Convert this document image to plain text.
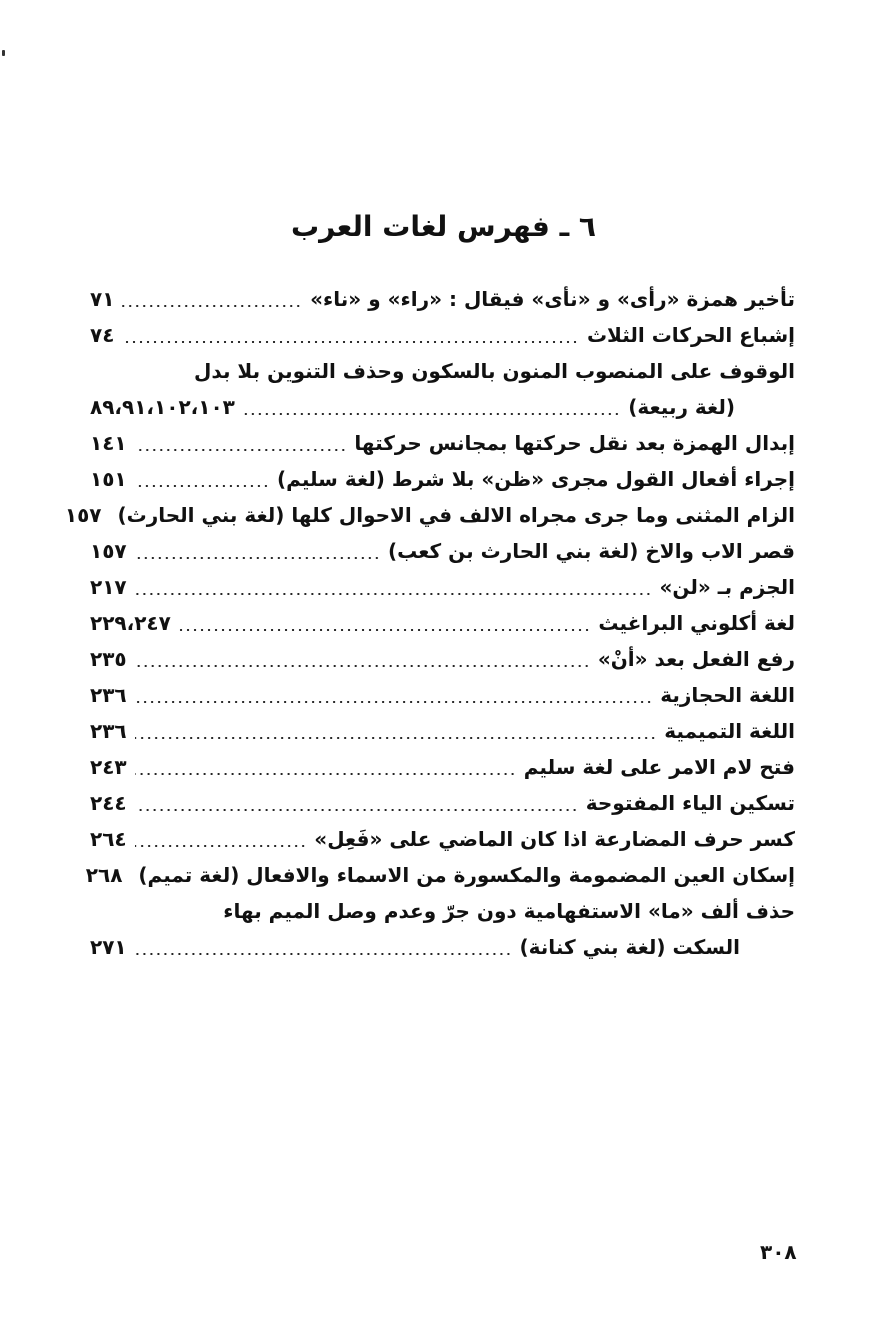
٦ ـ فهرس لغات العرب
تأخير همزة «رأى» و «نأى» فيقال : «راء» و «ناء»
٧١
إشباع الحركات الثلاث
٧٤
الوقوف على المنصوب المنون بالسكون وحذف التنوين بلا بدل
(لغة ربيعة)
٨٩،٩١،١٠٢،١٠٣
إبدال الهمزة بعد نقل حركتها بمجانس حركتها
١٤١
إجراء أفعال القول مجرى «ظن» بلا شرط (لغة سليم)
١٥١
الزام المثنى وما جرى مجراه الالف في الاحوال كلها (لغة بني الحارث)
١٥٧
قصر الاب والاخ (لغة بني الحارث بن كعب)
١٥٧
الجزم بـ «لن»
٢١٧
لغة أكلوني البراغيث
٢٢٩،٢٤٧
رفع الفعل بعد «أنْ»
٢٣٥
اللغة الحجازية
٢٣٦
اللغة التميمية
٢٣٦
فتح لام الامر على لغة سليم
٢٤٣
تسكين الياء المفتوحة
٢٤٤
كسر حرف المضارعة اذا كان الماضي على «فَعِل»
٢٦٤
إسكان العين المضمومة والمكسورة من الاسماء والافعال (لغة تميم)
٢٦٨
حذف ألف «ما» الاستفهامية دون جرّ وعدم وصل الميم بهاء
السكت (لغة بني كنانة)
٢٧١
٣٠٨
